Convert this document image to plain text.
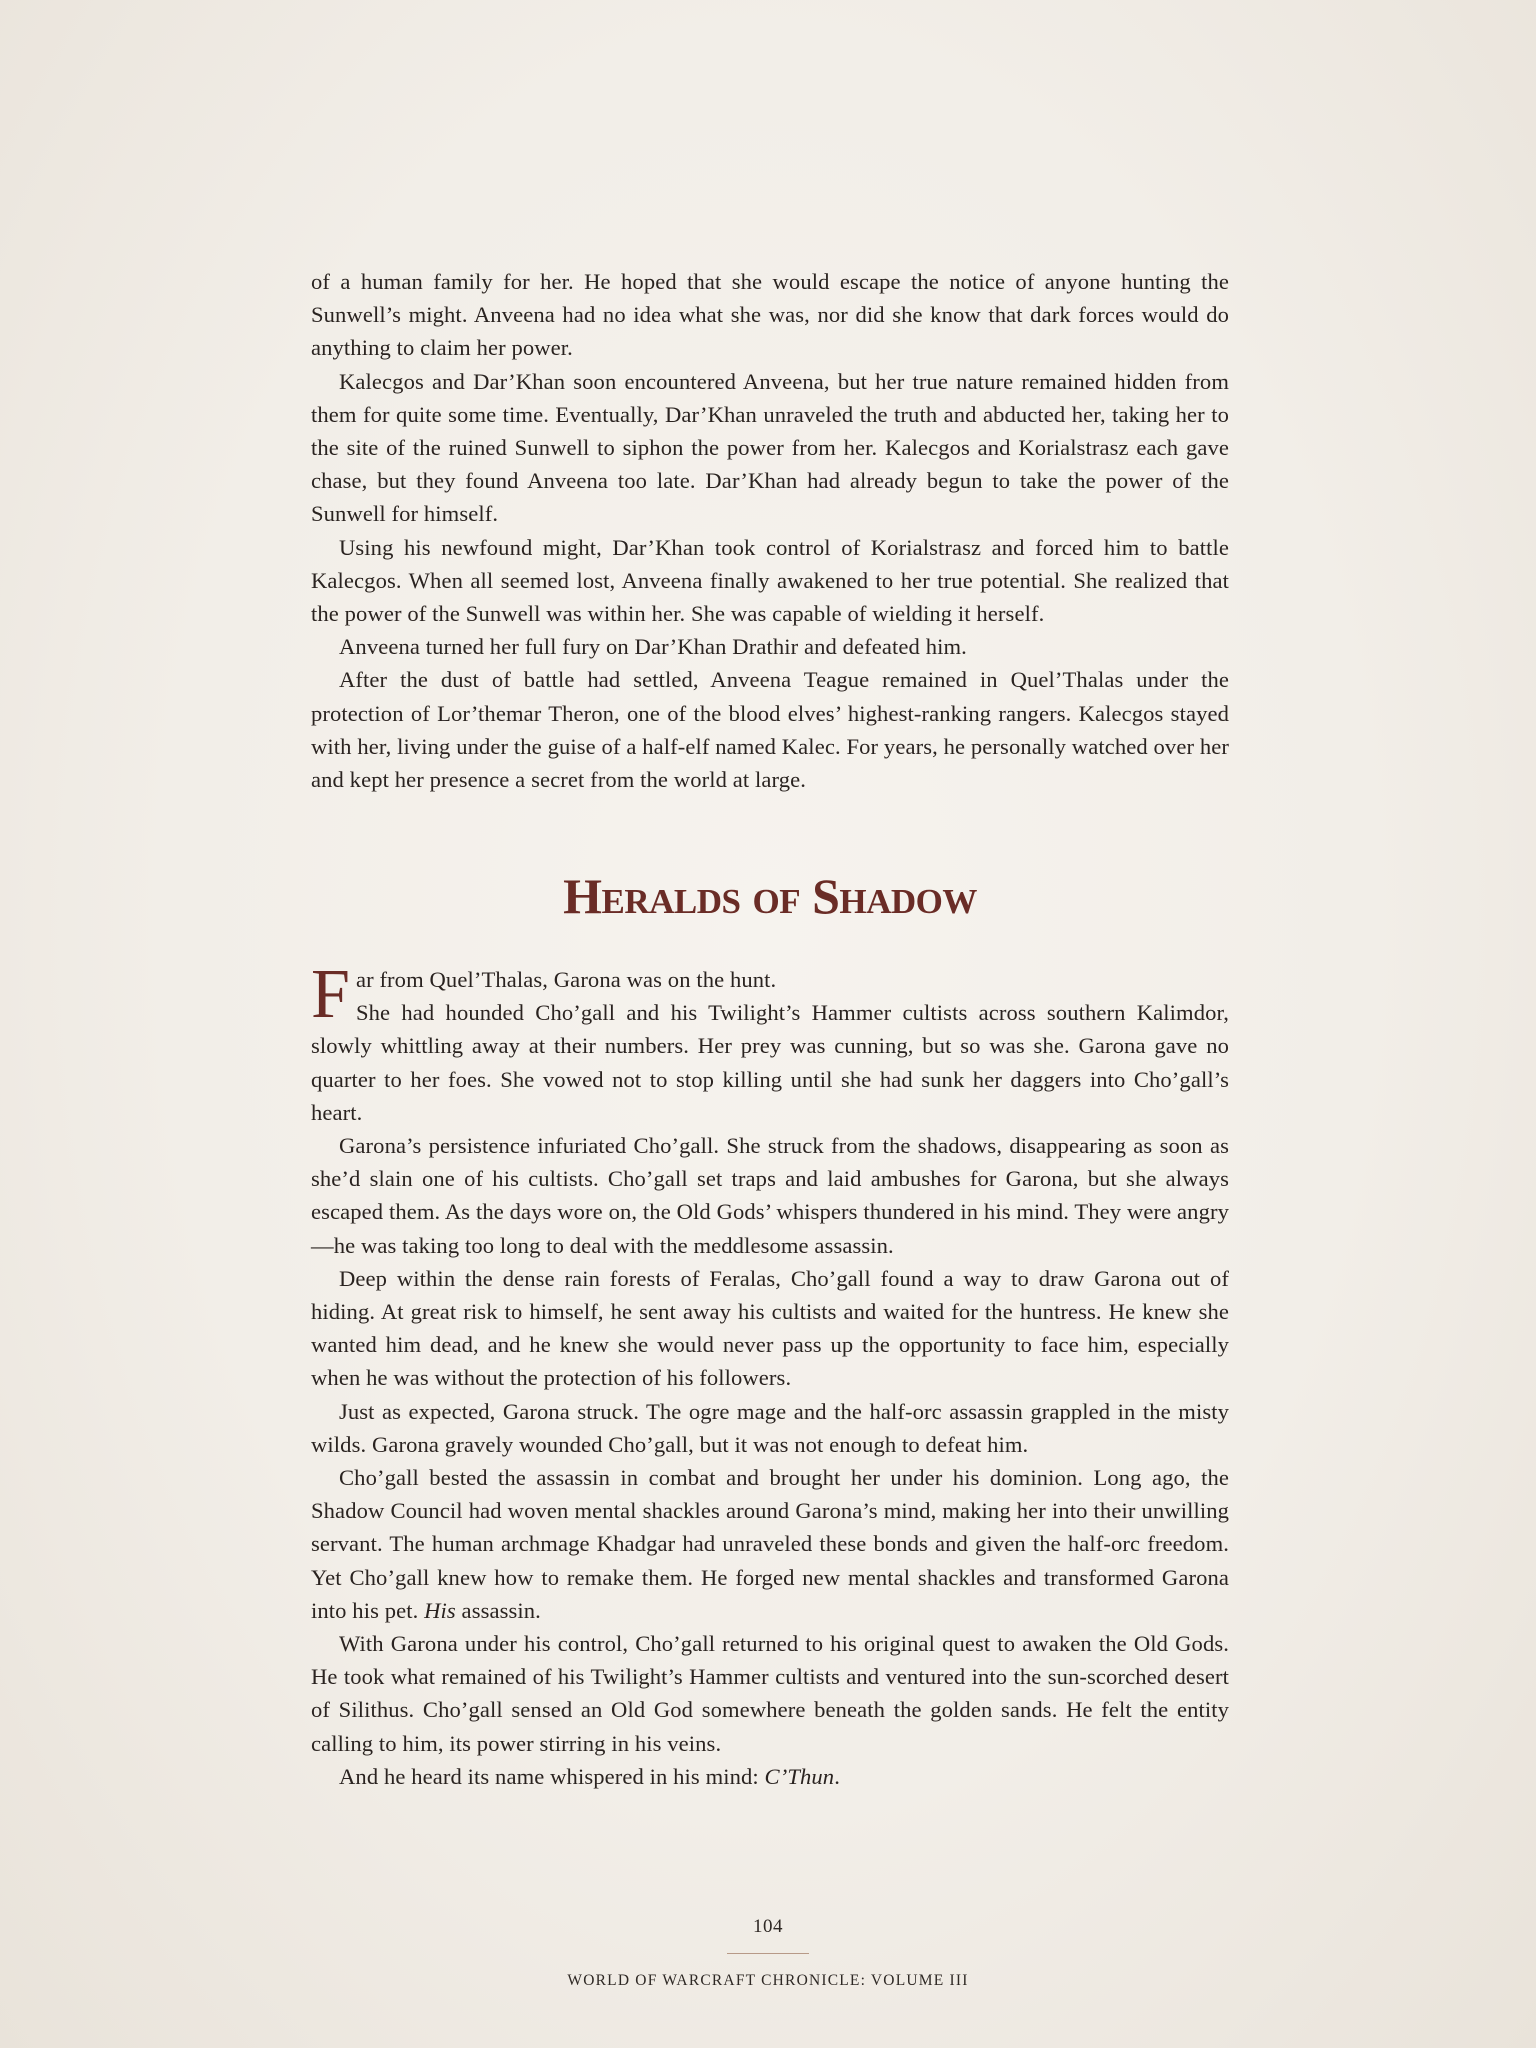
of a human family for her. He hoped that she would escape the notice of anyone hunting the Sunwell’s might. Anveena had no idea what she was, nor did she know that dark forces would do anything to claim her power.

Kalecgos and Dar’Khan soon encountered Anveena, but her true nature remained hidden from them for quite some time. Eventually, Dar’Khan unraveled the truth and abducted her, taking her to the site of the ruined Sunwell to siphon the power from her. Kalecgos and Korialstrasz each gave chase, but they found Anveena too late. Dar’Khan had already begun to take the power of the Sunwell for himself.

Using his newfound might, Dar’Khan took control of Korialstrasz and forced him to battle Kalecgos. When all seemed lost, Anveena finally awakened to her true potential. She realized that the power of the Sunwell was within her. She was capable of wielding it herself.

Anveena turned her full fury on Dar’Khan Drathir and defeated him.

After the dust of battle had settled, Anveena Teague remained in Quel’Thalas under the protection of Lor’themar Theron, one of the blood elves’ highest-ranking rangers. Kalecgos stayed with her, living under the guise of a half-elf named Kalec. For years, he personally watched over her and kept her presence a secret from the world at large.

Heralds of Shadow
F ar from Quel’Thalas, Garona was on the hunt.

She had hounded Cho’gall and his Twilight’s Hammer cultists across southern Kalimdor, slowly whittling away at their numbers. Her prey was cunning, but so was she. Garona gave no quarter to her foes. She vowed not to stop killing until she had sunk her daggers into Cho’gall’s heart.

Garona’s persistence infuriated Cho’gall. She struck from the shadows, disappearing as soon as she’d slain one of his cultists. Cho’gall set traps and laid ambushes for Garona, but she always escaped them. As the days wore on, the Old Gods’ whispers thundered in his mind. They were angry—he was taking too long to deal with the meddlesome assassin.

Deep within the dense rain forests of Feralas, Cho’gall found a way to draw Garona out of hiding. At great risk to himself, he sent away his cultists and waited for the huntress. He knew she wanted him dead, and he knew she would never pass up the opportunity to face him, especially when he was without the protection of his followers.

Just as expected, Garona struck. The ogre mage and the half-orc assassin grappled in the misty wilds. Garona gravely wounded Cho’gall, but it was not enough to defeat him.

Cho’gall bested the assassin in combat and brought her under his dominion. Long ago, the Shadow Council had woven mental shackles around Garona’s mind, making her into their unwilling servant. The human archmage Khadgar had unraveled these bonds and given the half-orc freedom. Yet Cho’gall knew how to remake them. He forged new mental shackles and transformed Garona into his pet. His assassin.

With Garona under his control, Cho’gall returned to his original quest to awaken the Old Gods. He took what remained of his Twilight’s Hammer cultists and ventured into the sun-scorched desert of Silithus. Cho’gall sensed an Old God somewhere beneath the golden sands. He felt the entity calling to him, its power stirring in his veins.

And he heard its name whispered in his mind: C’Thun.

104
WORLD OF WARCRAFT CHRONICLE: VOLUME III
